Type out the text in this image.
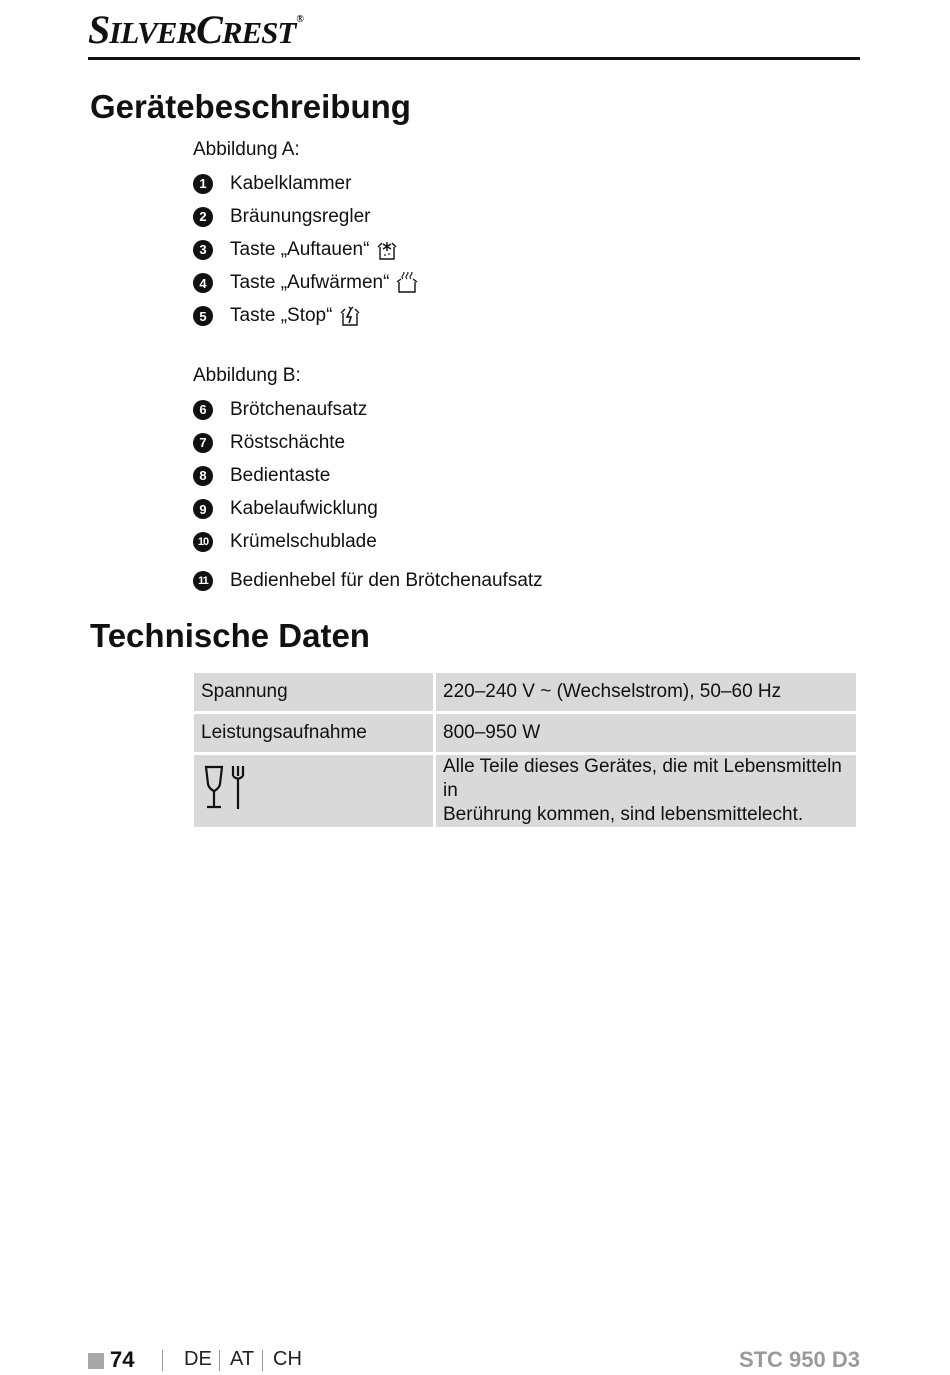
SILVERCREST®
Gerätebeschreibung
Abbildung A:
1	Kabelklammer
2	Bräunungsregler
3	Taste „Auftauen“
4	Taste „Aufwärmen“
5	Taste „Stop“
Abbildung B:
6	Brötchenaufsatz
7	Röstschächte
8	Bedientaste
9	Kabelaufwicklung
10 Krümelschublade
11 Bedienhebel für den Brötchenaufsatz
Technische Daten
Spannung	220–240 V ~ (Wechselstrom), 50–60 Hz
Leistungsaufnahme	800–950 W
	Alle Teile dieses Gerätes, die mit Lebensmitteln in
Berührung kommen, sind lebensmittelecht.
74 DE AT CH	STC 950 D3
